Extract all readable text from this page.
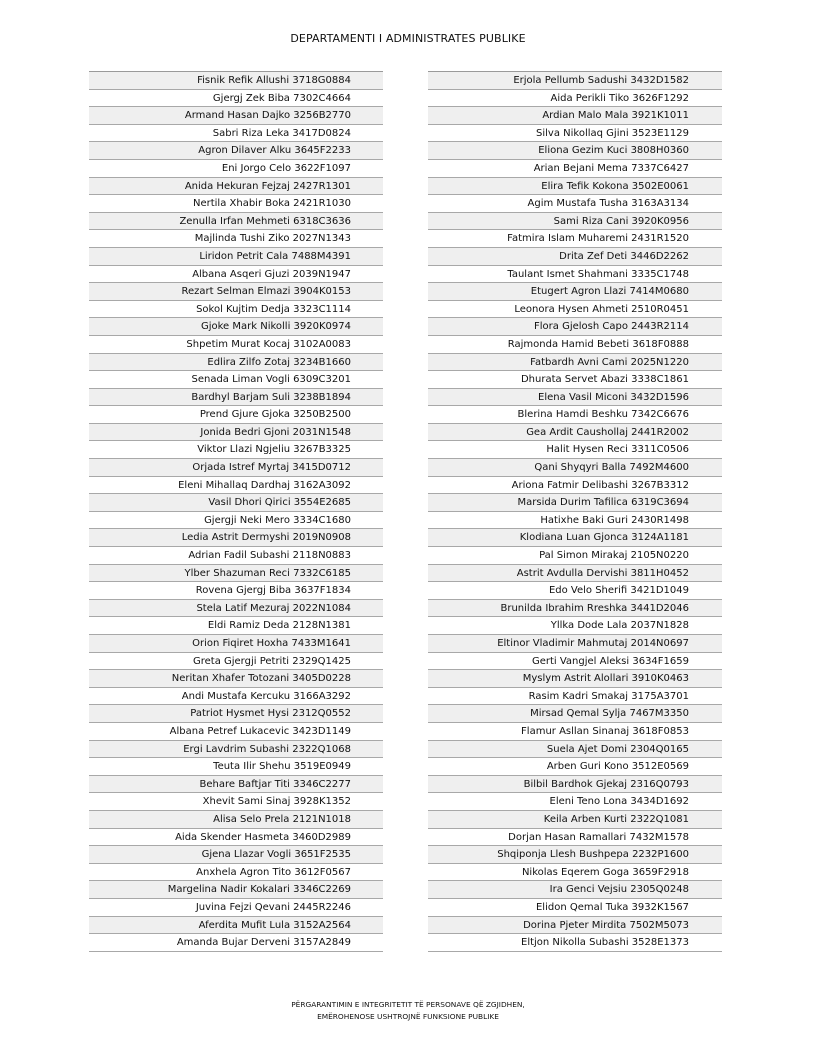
DEPARTAMENTI I ADMINISTRATES PUBLIKE
Fisnik Refik Allushi 3718G0884
Gjergj Zek Biba 7302C4664
Armand Hasan Dajko 3256B2770
Sabri Riza Leka 3417D0824
Agron Dilaver Alku 3645F2233
Eni Jorgo Celo 3622F1097
Anida Hekuran Fejzaj 2427R1301
Nertila Xhabir Boka 2421R1030
Zenulla Irfan Mehmeti 6318C3636
Majlinda Tushi Ziko 2027N1343
Liridon Petrit Cala 7488M4391
Albana Asqeri Gjuzi 2039N1947
Rezart Selman Elmazi 3904K0153
Sokol Kujtim Dedja 3323C1114
Gjoke Mark Nikolli 3920K0974
Shpetim Murat Kocaj 3102A0083
Edlira Zilfo Zotaj 3234B1660
Senada Liman Vogli 6309C3201
Bardhyl Barjam Suli 3238B1894
Prend Gjure Gjoka 3250B2500
Jonida Bedri Gjoni 2031N1548
Viktor Llazi Ngjeliu 3267B3325
Orjada Istref Myrtaj 3415D0712
Eleni Mihallaq Dardhaj 3162A3092
Vasil Dhori Qirici 3554E2685
Gjergji Neki Mero 3334C1680
Ledia Astrit Dermyshi 2019N0908
Adrian Fadil Subashi 2118N0883
Ylber Shazuman Reci 7332C6185
Rovena Gjergj Biba 3637F1834
Stela Latif Mezuraj 2022N1084
Eldi Ramiz Deda 2128N1381
Orion Fiqiret Hoxha 7433M1641
Greta Gjergji Petriti 2329Q1425
Neritan Xhafer Totozani 3405D0228
Andi Mustafa Kercuku 3166A3292
Patriot Hysmet Hysi 2312Q0552
Albana Petref Lukacevic 3423D1149
Ergi Lavdrim Subashi 2322Q1068
Teuta Ilir Shehu 3519E0949
Behare Baftjar Titi 3346C2277
Xhevit Sami Sinaj 3928K1352
Alisa Selo Prela 2121N1018
Aida Skender Hasmeta 3460D2989
Gjena Llazar Vogli 3651F2535
Anxhela Agron Tito 3612F0567
Margelina Nadir Kokalari 3346C2269
Juvina Fejzi Qevani 2445R2246
Aferdita Mufit Lula 3152A2564
Amanda Bujar Derveni 3157A2849
Erjola Pellumb Sadushi 3432D1582
Aida Perikli Tiko 3626F1292
Ardian Malo Mala 3921K1011
Silva Nikollaq Gjini 3523E1129
Eliona Gezim Kuci 3808H0360
Arian Bejani Mema 7337C6427
Elira Tefik Kokona 3502E0061
Agim Mustafa Tusha 3163A3134
Sami Riza Cani 3920K0956
Fatmira Islam Muharemi 2431R1520
Drita Zef Deti 3446D2262
Taulant Ismet Shahmani 3335C1748
Etugert Agron Llazi 7414M0680
Leonora Hysen Ahmeti 2510R0451
Flora Gjelosh Capo 2443R2114
Rajmonda Hamid Bebeti 3618F0888
Fatbardh Avni Cami 2025N1220
Dhurata Servet Abazi 3338C1861
Elena Vasil Miconi 3432D1596
Blerina Hamdi Beshku 7342C6676
Gea Ardit Caushollaj 2441R2002
Halit Hysen Reci 3311C0506
Qani Shyqyri Balla 7492M4600
Ariona Fatmir Delibashi 3267B3312
Marsida Durim Tafilica 6319C3694
Hatixhe Baki Guri 2430R1498
Klodiana Luan Gjonca 3124A1181
Pal Simon Mirakaj 2105N0220
Astrit Avdulla Dervishi 3811H0452
Edo Velo Sherifi 3421D1049
Brunilda Ibrahim Rreshka 3441D2046
Yllka Dode Lala 2037N1828
Eltinor Vladimir Mahmutaj 2014N0697
Gerti Vangjel Aleksi 3634F1659
Myslym Astrit Alollari 3910K0463
Rasim Kadri Smakaj 3175A3701
Mirsad Qemal Sylja 7467M3350
Flamur Asllan Sinanaj 3618F0853
Suela Ajet Domi 2304Q0165
Arben Guri Kono 3512E0569
Bilbil Bardhok Gjekaj 2316Q0793
Eleni Teno Lona 3434D1692
Keila Arben Kurti 2322Q1081
Dorjan Hasan Ramallari 7432M1578
Shqiponja Llesh Bushpepa 2232P1600
Nikolas Eqerem Goga 3659F2918
Ira Genci Vejsiu 2305Q0248
Elidon Qemal Tuka 3932K1567
Dorina Pjeter Mirdita 7502M5073
Eltjon Nikolla Subashi 3528E1373
PËRGARANTIMIN E INTEGRITETIT TË PERSONAVE QË ZGJIDHEN,
EMËROHENOSE USHTROJNË FUNKSIONE PUBLIKE
